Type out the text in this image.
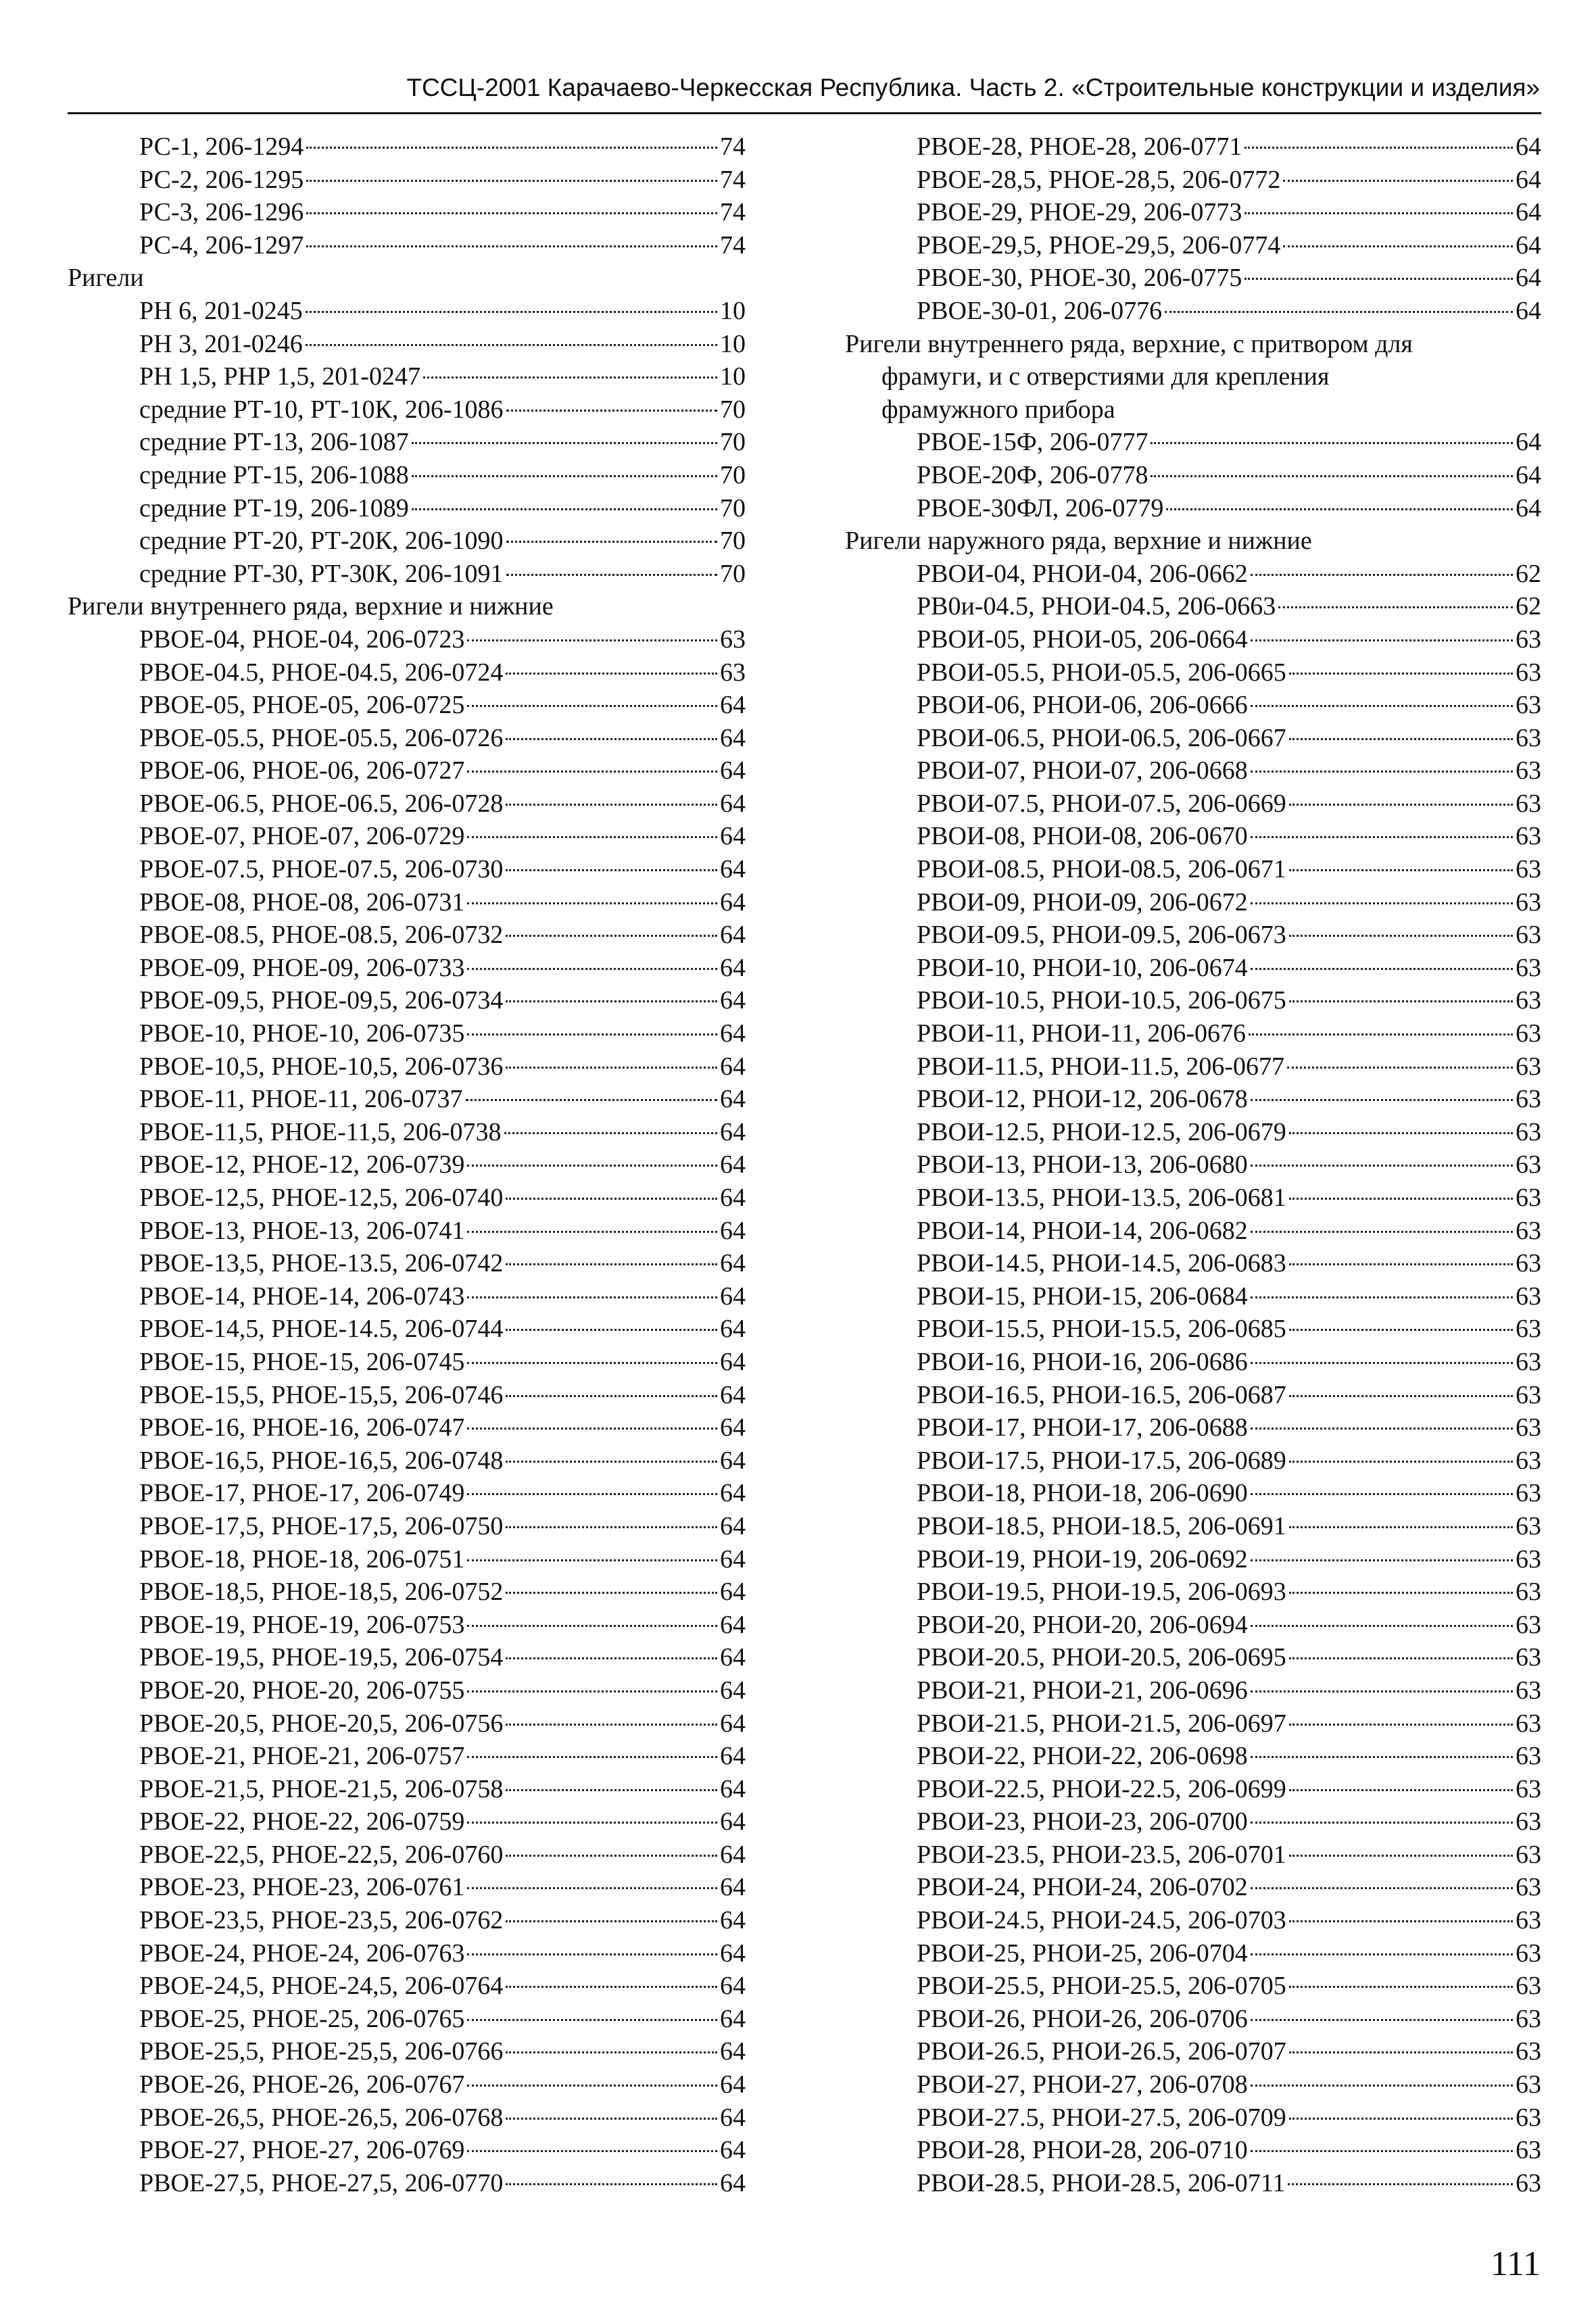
ТССЦ-2001 Карачаево-Черкесская Республика. Часть 2. «Строительные конструкции и изделия»
РС-1, 206-1294	74
РС-2, 206-1295	74
РС-3, 206-1296	74
РС-4, 206-1297	74
Ригели
РН 6, 201-0245	10
РН 3, 201-0246	10
РН 1,5, РНР 1,5, 201-0247	10
средние РТ-10, РТ-10К, 206-1086	70
средние РТ-13, 206-1087	70
средние РТ-15, 206-1088	70
средние РТ-19, 206-1089	70
средние РТ-20, РТ-20К, 206-1090	70
средние РТ-30, РТ-30К, 206-1091	70
Ригели внутреннего ряда, верхние и нижние
РВОЕ-04, РНОЕ-04, 206-0723	63
РВОЕ-04.5, РНОЕ-04.5, 206-0724	63
РВОЕ-05, РНОЕ-05, 206-0725	64
РВОЕ-05.5, РНОЕ-05.5, 206-0726	64
РВОЕ-06, РНОЕ-06, 206-0727	64
РВОЕ-06.5, РНОЕ-06.5, 206-0728	64
РВОЕ-07, РНОЕ-07, 206-0729	64
РВОЕ-07.5, РНОЕ-07.5, 206-0730	64
РВОЕ-08, РНОЕ-08, 206-0731	64
РВОЕ-08.5, РНОЕ-08.5, 206-0732	64
РВОЕ-09, РНОЕ-09, 206-0733	64
РВОЕ-09,5, РНОЕ-09,5, 206-0734	64
РВОЕ-10, РНОЕ-10, 206-0735	64
РВОЕ-10,5, РНОЕ-10,5, 206-0736	64
РВОЕ-11, РНОЕ-11, 206-0737	64
РВОЕ-11,5, РНОЕ-11,5, 206-0738	64
РВОЕ-12, РНОЕ-12, 206-0739	64
РВОЕ-12,5, РНОЕ-12,5, 206-0740	64
РВОЕ-13, РНОЕ-13, 206-0741	64
РВОЕ-13,5, РНОЕ-13.5, 206-0742	64
РВОЕ-14, РНОЕ-14, 206-0743	64
РВОЕ-14,5, РНОЕ-14.5, 206-0744	64
РВОЕ-15, РНОЕ-15, 206-0745	64
РВОЕ-15,5, РНОЕ-15,5, 206-0746	64
РВОЕ-16, РНОЕ-16, 206-0747	64
РВОЕ-16,5, РНОЕ-16,5, 206-0748	64
РВОЕ-17, РНОЕ-17, 206-0749	64
РВОЕ-17,5, РНОЕ-17,5, 206-0750	64
РВОЕ-18, РНОЕ-18, 206-0751	64
РВОЕ-18,5, РНОЕ-18,5, 206-0752	64
РВОЕ-19, РНОЕ-19, 206-0753	64
РВОЕ-19,5, РНОЕ-19,5, 206-0754	64
РВОЕ-20, РНОЕ-20, 206-0755	64
РВОЕ-20,5, РНОЕ-20,5, 206-0756	64
РВОЕ-21, РНОЕ-21, 206-0757	64
РВОЕ-21,5, РНОЕ-21,5, 206-0758	64
РВОЕ-22, РНОЕ-22, 206-0759	64
РВОЕ-22,5, РНОЕ-22,5, 206-0760	64
РВОЕ-23, РНОЕ-23, 206-0761	64
РВОЕ-23,5, РНОЕ-23,5, 206-0762	64
РВОЕ-24, РНОЕ-24, 206-0763	64
РВОЕ-24,5, РНОЕ-24,5, 206-0764	64
РВОЕ-25, РНОЕ-25, 206-0765	64
РВОЕ-25,5, РНОЕ-25,5, 206-0766	64
РВОЕ-26, РНОЕ-26, 206-0767	64
РВОЕ-26,5, РНОЕ-26,5, 206-0768	64
РВОЕ-27, РНОЕ-27, 206-0769	64
РВОЕ-27,5, РНОЕ-27,5, 206-0770	64
РВОЕ-28, РНОЕ-28, 206-0771	64
РВОЕ-28,5, РНОЕ-28,5, 206-0772	64
РВОЕ-29, РНОЕ-29, 206-0773	64
РВОЕ-29,5, РНОЕ-29,5, 206-0774	64
РВОЕ-30, РНОЕ-30, 206-0775	64
РВОЕ-30-01, 206-0776	64
Ригели внутреннего ряда, верхние, с притвором для
фрамуги, и с отверстиями для крепления
фрамужного прибора
РВОЕ-15Ф, 206-0777	64
РВОЕ-20Ф, 206-0778	64
РВОЕ-30ФЛ, 206-0779	64
Ригели наружного ряда, верхние и нижние
РВОИ-04, РНОИ-04, 206-0662	62
РВ0и-04.5, РНОИ-04.5, 206-0663	62
РВОИ-05, РНОИ-05, 206-0664	63
РВОИ-05.5, РНОИ-05.5, 206-0665	63
РВОИ-06, РНОИ-06, 206-0666	63
РВОИ-06.5, РНОИ-06.5, 206-0667	63
РВОИ-07, РНОИ-07, 206-0668	63
РВОИ-07.5, РНОИ-07.5, 206-0669	63
РВОИ-08, РНОИ-08, 206-0670	63
РВОИ-08.5, РНОИ-08.5, 206-0671	63
РВОИ-09, РНОИ-09, 206-0672	63
РВОИ-09.5, РНОИ-09.5, 206-0673	63
РВОИ-10, РНОИ-10, 206-0674	63
РВОИ-10.5, РНОИ-10.5, 206-0675	63
РВОИ-11, РНОИ-11, 206-0676	63
РВОИ-11.5, РНОИ-11.5, 206-0677	63
РВОИ-12, РНОИ-12, 206-0678	63
РВОИ-12.5, РНОИ-12.5, 206-0679	63
РВОИ-13, РНОИ-13, 206-0680	63
РВОИ-13.5, РНОИ-13.5, 206-0681	63
РВОИ-14, РНОИ-14, 206-0682	63
РВОИ-14.5, РНОИ-14.5, 206-0683	63
РВОИ-15, РНОИ-15, 206-0684	63
РВОИ-15.5, РНОИ-15.5, 206-0685	63
РВОИ-16, РНОИ-16, 206-0686	63
РВОИ-16.5, РНОИ-16.5, 206-0687	63
РВОИ-17, РНОИ-17, 206-0688	63
РВОИ-17.5, РНОИ-17.5, 206-0689	63
РВОИ-18, РНОИ-18, 206-0690	63
РВОИ-18.5, РНОИ-18.5, 206-0691	63
РВОИ-19, РНОИ-19, 206-0692	63
РВОИ-19.5, РНОИ-19.5, 206-0693	63
РВОИ-20, РНОИ-20, 206-0694	63
РВОИ-20.5, РНОИ-20.5, 206-0695	63
РВОИ-21, РНОИ-21, 206-0696	63
РВОИ-21.5, РНОИ-21.5, 206-0697	63
РВОИ-22, РНОИ-22, 206-0698	63
РВОИ-22.5, РНОИ-22.5, 206-0699	63
РВОИ-23, РНОИ-23, 206-0700	63
РВОИ-23.5, РНОИ-23.5, 206-0701	63
РВОИ-24, РНОИ-24, 206-0702	63
РВОИ-24.5, РНОИ-24.5, 206-0703	63
РВОИ-25, РНОИ-25, 206-0704	63
РВОИ-25.5, РНОИ-25.5, 206-0705	63
РВОИ-26, РНОИ-26, 206-0706	63
РВОИ-26.5, РНОИ-26.5, 206-0707	63
РВОИ-27, РНОИ-27, 206-0708	63
РВОИ-27.5, РНОИ-27.5, 206-0709	63
РВОИ-28, РНОИ-28, 206-0710	63
РВОИ-28.5, РНОИ-28.5, 206-0711	63
111
